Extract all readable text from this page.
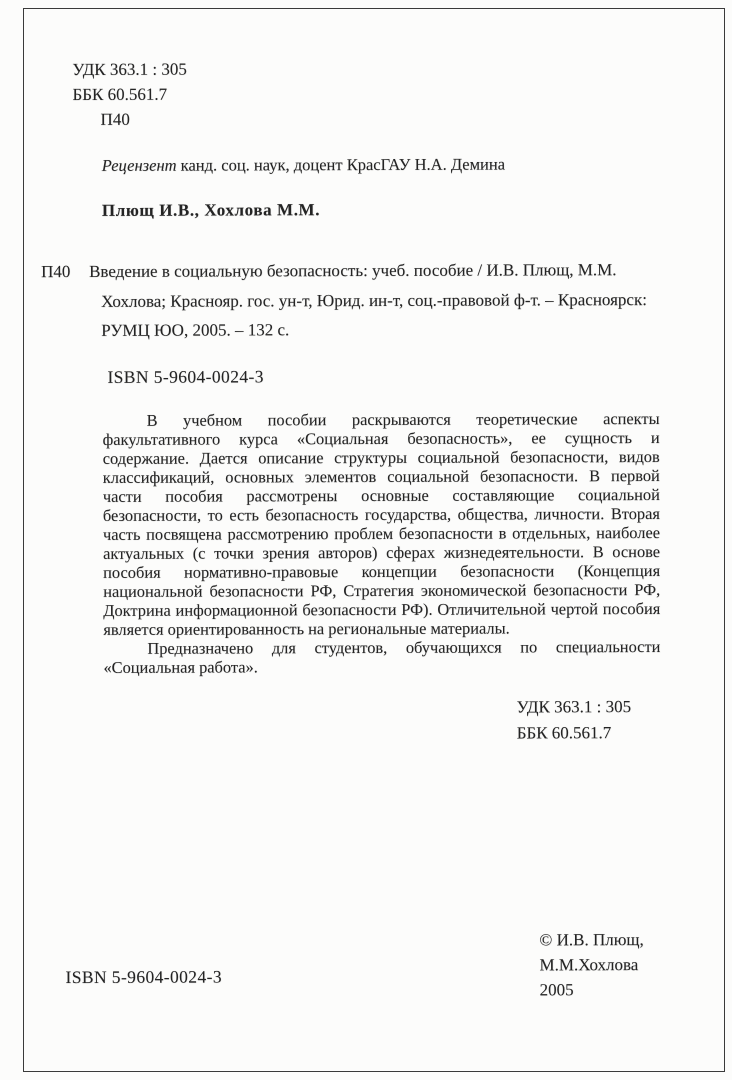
УДК 363.1 : 305
ББК 60.561.7
П40
Рецензент канд. соц. наук, доцент КрасГАУ Н.А. Демина
Плющ И.В., Хохлова М.М.
П40 Введение в социальную безопасность: учеб. пособие / И.В. Плющ, М.М. Хохлова; Краснояр. гос. ун-т, Юрид. ин-т, соц.-правовой ф-т. – Красноярск: РУМЦ ЮО, 2005. – 132 с.
ISBN 5-9604-0024-3

В учебном пособии раскрываются теоретические аспекты факультативного курса «Социальная безопасность», ее сущность и содержание. Дается описание структуры социальной безопасности, видов классификаций, основных элементов социальной безопасности. В первой части пособия рассмотрены основные составляющие социальной безопасности, то есть безопасность государства, общества, личности. Вторая часть посвящена рассмотрению проблем безопасности в отдельных, наиболее актуальных (с точки зрения авторов) сферах жизнедеятельности. В основе пособия нормативно-правовые концепции безопасности (Концепция национальной безопасности РФ, Стратегия экономической безопасности РФ, Доктрина информационной безопасности РФ). Отличительной чертой пособия является ориентированность на региональные материалы.

Предназначено для студентов, обучающихся по специальности «Социальная работа».

УДК 363.1 : 305
ББК 60.561.7
© И.В. Плющ,
М.М.Хохлова
2005
ISBN 5-9604-0024-3
